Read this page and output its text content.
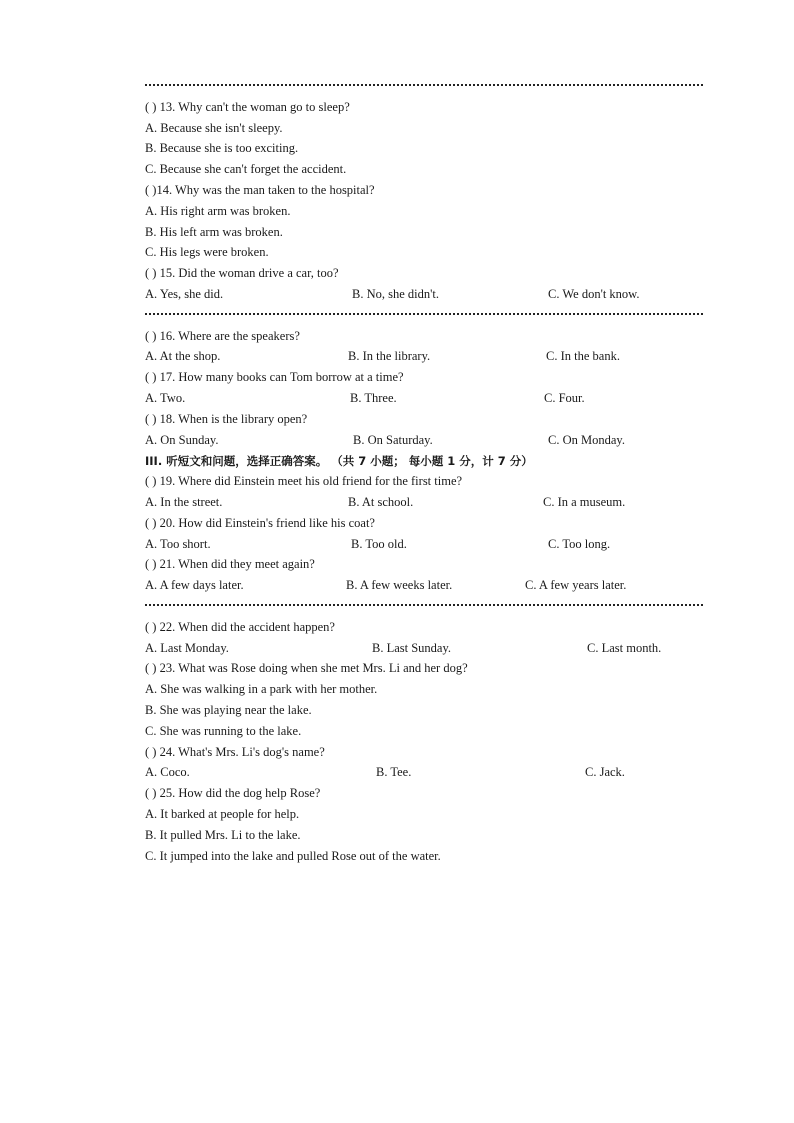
( ) 13. Why can't the woman go to sleep?
A. Because she isn't sleepy.
B. Because she is too exciting.
C. Because she can't forget the accident.
( )14. Why was the man taken to the hospital?
A. His right arm was broken.
B. His left arm was broken.
C. His legs were broken.
( ) 15. Did the woman drive a car, too?
A. Yes, she did.	B. No, she didn't.	C. We don't know.
( ) 16. Where are the speakers?
A. At the shop.	B. In the library.	C. In the bank.
( ) 17. How many books can Tom borrow at a time?
A. Two.	B. Three.	C. Four.
( ) 18. When is the library open?
A. On Sunday.	B. On Saturday.	C. On Monday.
III. 听短文和问题，选择正确答案。 （共 7 小题； 每小题 1 分，计 7 分）
( ) 19. Where did Einstein meet his old friend for the first time?
A. In the street.	B. At school.	C. In a museum.
( ) 20. How did Einstein's friend like his coat?
A. Too short.	B. Too old.	C. Too long.
( ) 21. When did they meet again?
A. A few days later.	B. A few weeks later.	C. A few years later.
( ) 22. When did the accident happen?
A. Last Monday.	B. Last Sunday.	C. Last month.
( ) 23. What was Rose doing when she met Mrs. Li and her dog?
A. She was walking in a park with her mother.
B. She was playing near the lake.
C. She was running to the lake.
( ) 24. What's Mrs. Li's dog's name?
A. Coco.	B. Tee.	C. Jack.
( ) 25. How did the dog help Rose?
A. It barked at people for help.
B. It pulled Mrs. Li to the lake.
C. It jumped into the lake and pulled Rose out of the water.
